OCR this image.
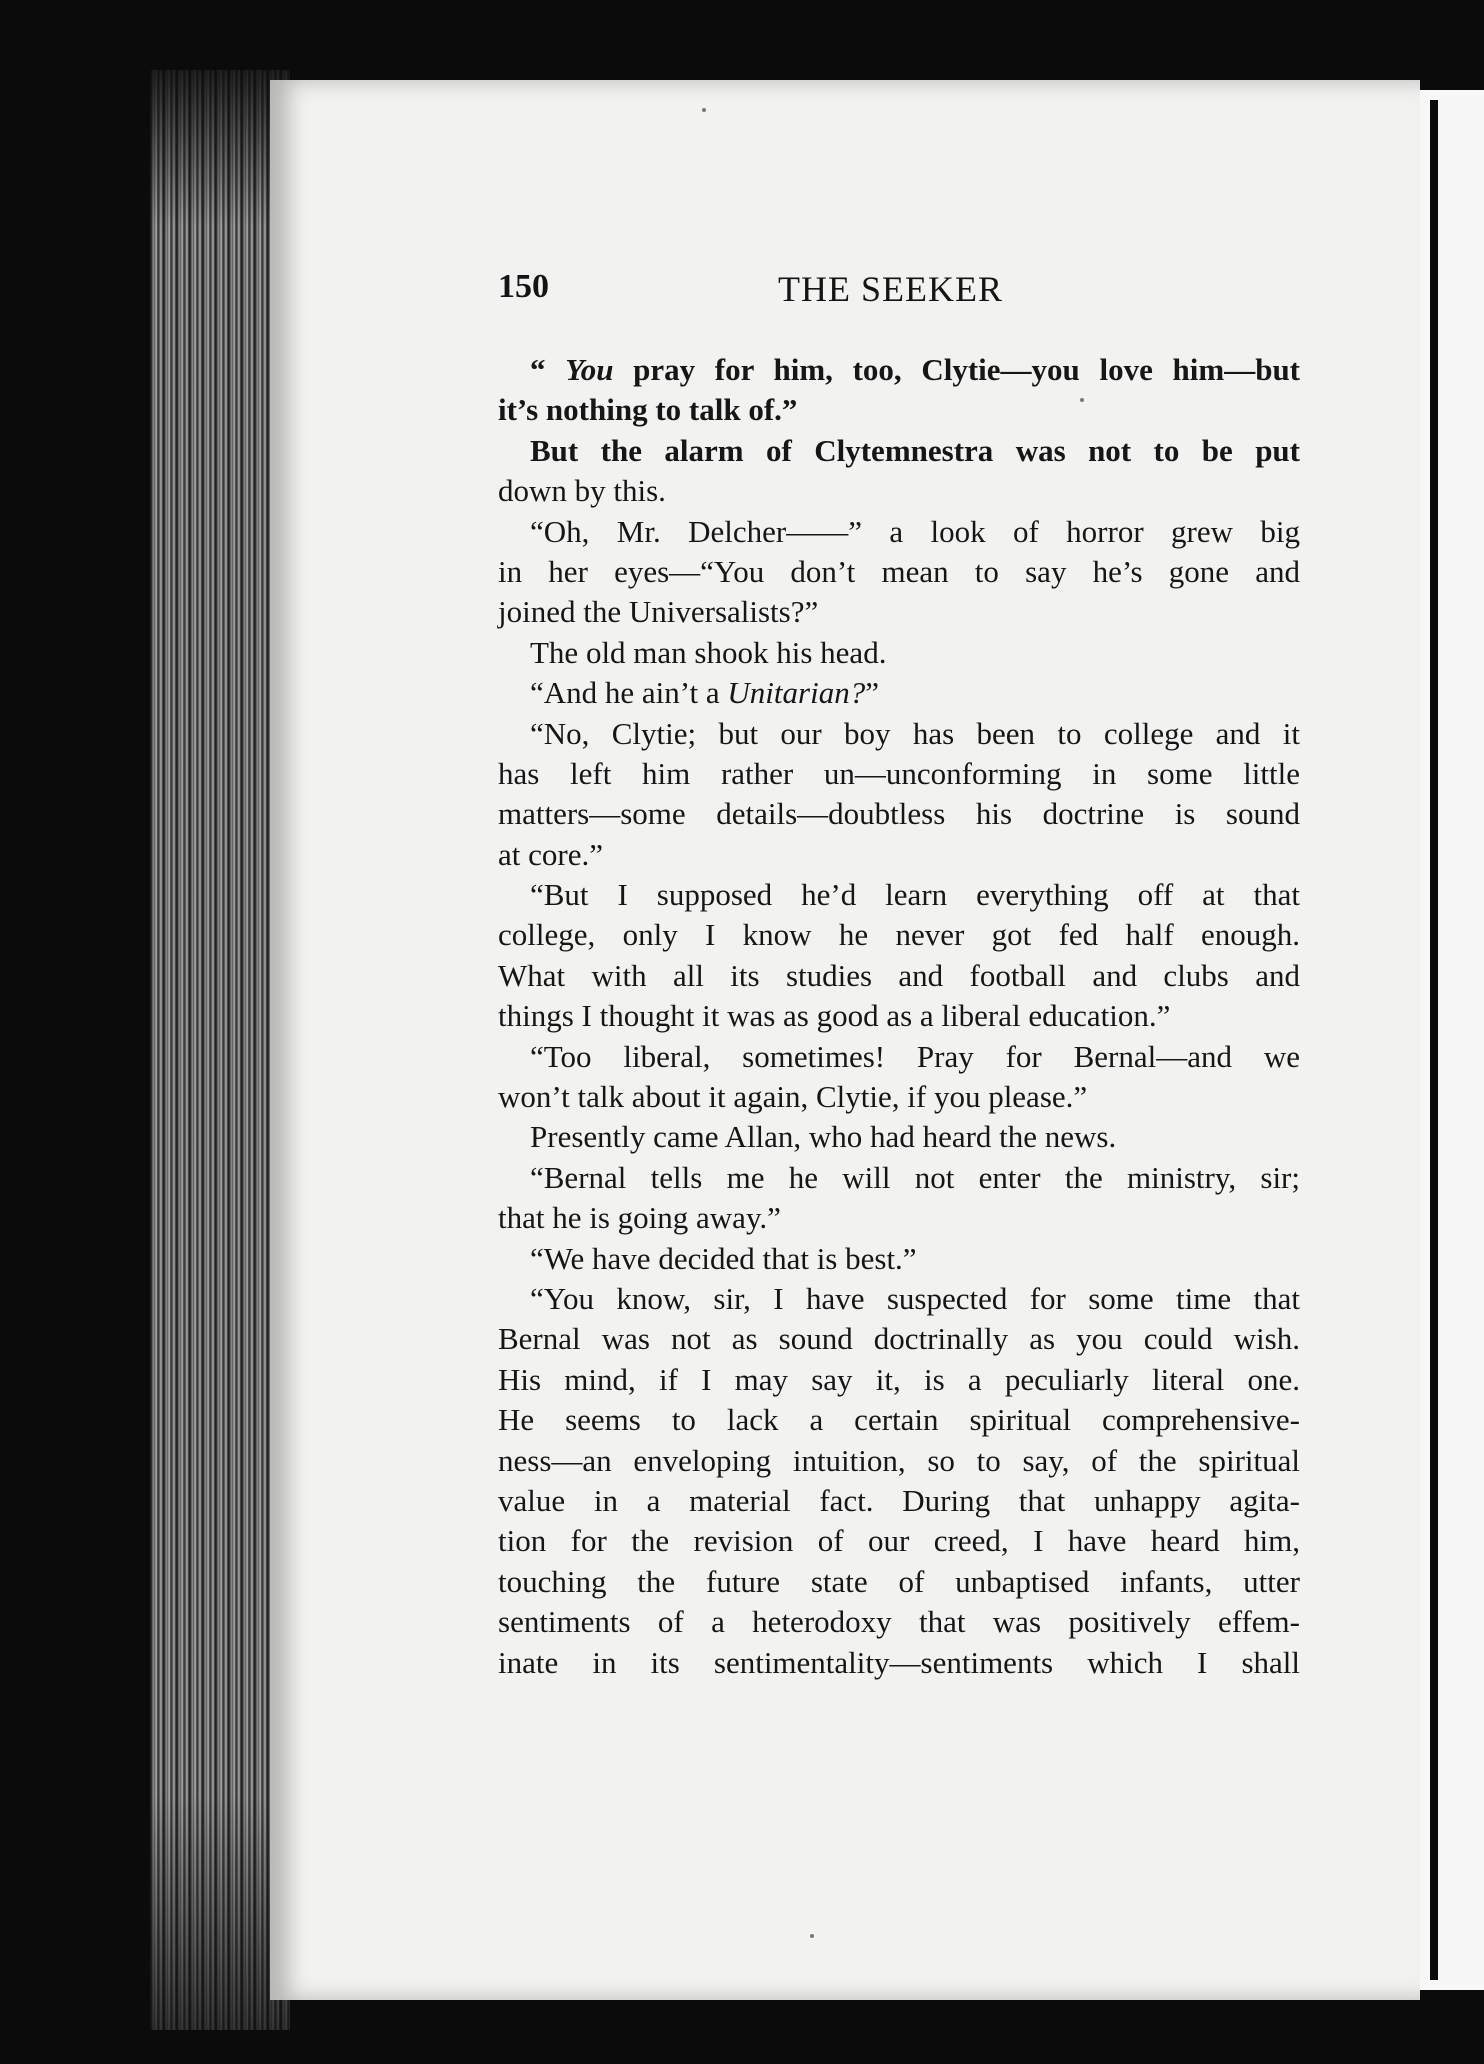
150	THE SEEKER
“ You pray for him, too, Clytie—you love him—but
it’s nothing to talk of.”
But the alarm of Clytemnestra was not to be put
down by this.
“Oh, Mr. Delcher——” a look of horror grew big
in her eyes—“You don’t mean to say he’s gone and
joined the Universalists?”
The old man shook his head.
“And he ain’t a Unitarian?”
“No, Clytie; but our boy has been to college and it
has left him rather un—unconforming in some little
matters—some details—doubtless his doctrine is sound
at core.”
“But I supposed he’d learn everything off at that
college, only I know he never got fed half enough.
What with all its studies and football and clubs and
things I thought it was as good as a liberal education.”
“Too liberal, sometimes! Pray for Bernal—and we
won’t talk about it again, Clytie, if you please.”
Presently came Allan, who had heard the news.
“Bernal tells me he will not enter the ministry, sir;
that he is going away.”
“We have decided that is best.”
“You know, sir, I have suspected for some time that
Bernal was not as sound doctrinally as you could wish.
His mind, if I may say it, is a peculiarly literal one.
He seems to lack a certain spiritual comprehensive-
ness—an enveloping intuition, so to say, of the spiritual
value in a material fact. During that unhappy agita-
tion for the revision of our creed, I have heard him,
touching the future state of unbaptised infants, utter
sentiments of a heterodoxy that was positively effem-
inate in its sentimentality—sentiments which I shall
